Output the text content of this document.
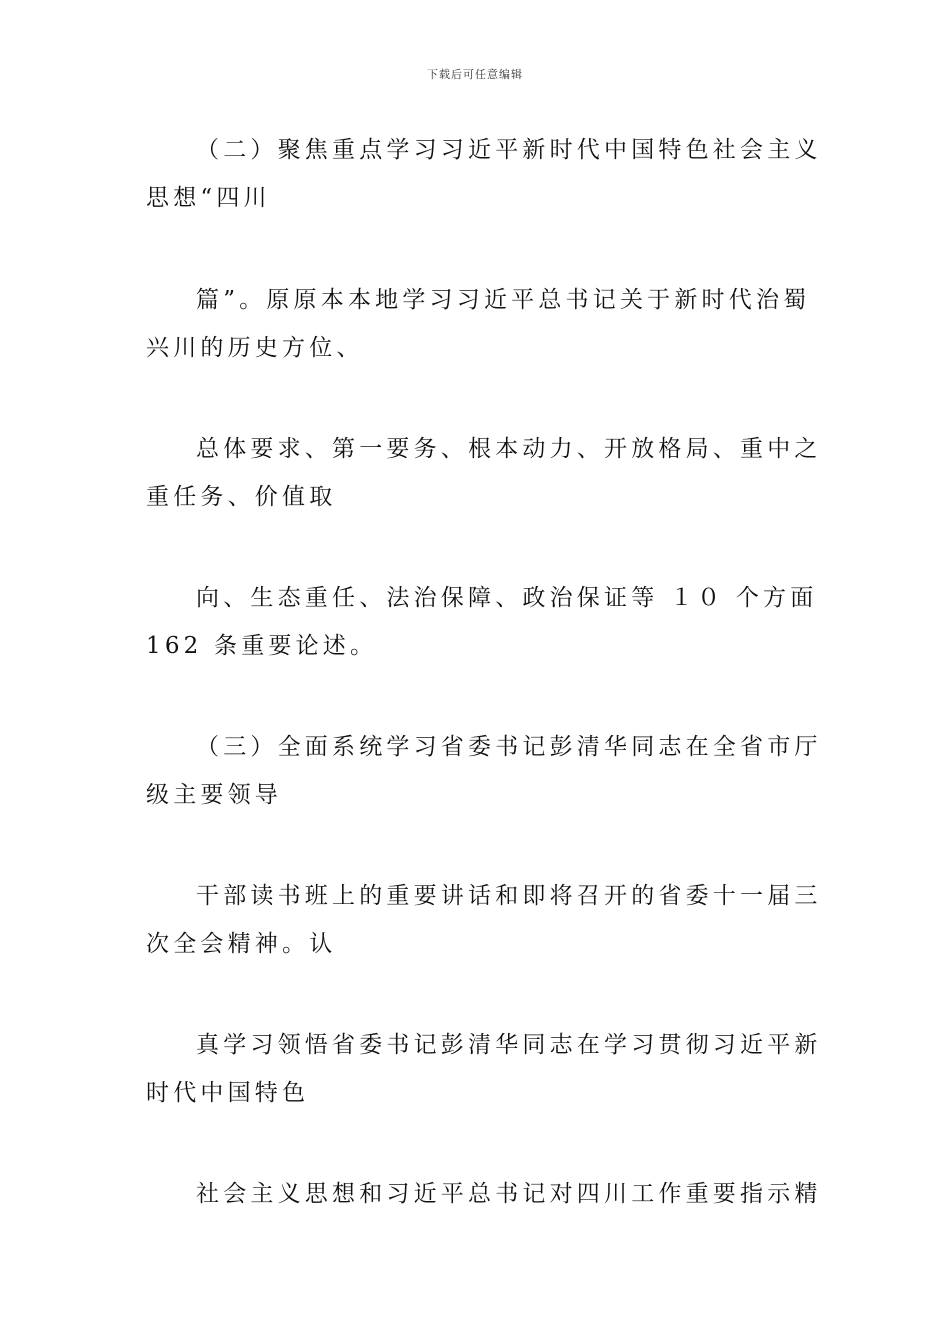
下载后可任意编辑
（二）聚焦重点学习习近平新时代中国特色社会主义
思想“四川
篇”。原原本本地学习习近平总书记关于新时代治蜀
兴川的历史方位、
总体要求、第一要务、根本动力、开放格局、重中之
重任务、价值取
向、生态重任、法治保障、政治保证等 １０ 个方面
162 条重要论述。
（三）全面系统学习省委书记彭清华同志在全省市厅
级主要领导
干部读书班上的重要讲话和即将召开的省委十一届三
次全会精神。认
真学习领悟省委书记彭清华同志在学习贯彻习近平新
时代中国特色
社会主义思想和习近平总书记对四川工作重要指示精
